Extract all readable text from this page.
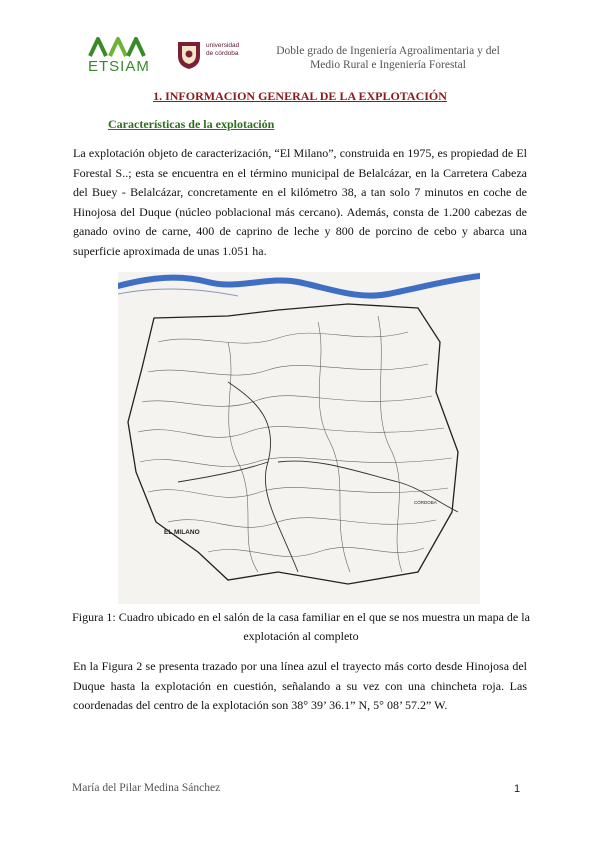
ETSIAM
universidad de córdoba	Doble grado de Ingeniería Agroalimentaria y del Medio Rural e Ingeniería Forestal
1. INFORMACION GENERAL DE LA EXPLOTACIÓN
Características de la explotación

La explotación objeto de caracterización, “El Milano”, construida en 1975, es propiedad de El Forestal S..; esta se encuentra en el término municipal de Belalcázar, en la Carretera Cabeza del Buey - Belalcázar, concretamente en el kilómetro 38, a tan solo 7 minutos en coche de Hinojosa del Duque (núcleo poblacional más cercano). Además, consta de 1.200 cabezas de ganado ovino de carne, 400 de caprino de leche y 800 de porcino de cebo y abarca una superficie aproximada de unas 1.051 ha.

EL MILANO
CÓRDOBA
Figura 1: Cuadro ubicado en el salón de la casa familiar en el que se nos muestra un mapa de la explotación al completo

En la Figura 2 se presenta trazado por una línea azul el trayecto más corto desde Hinojosa del Duque hasta la explotación en cuestión, señalando a su vez con una chincheta roja. Las coordenadas del centro de la explotación son 38° 39’ 36.1” N, 5° 08’ 57.2” W.

María del Pilar Medina Sánchez	1
